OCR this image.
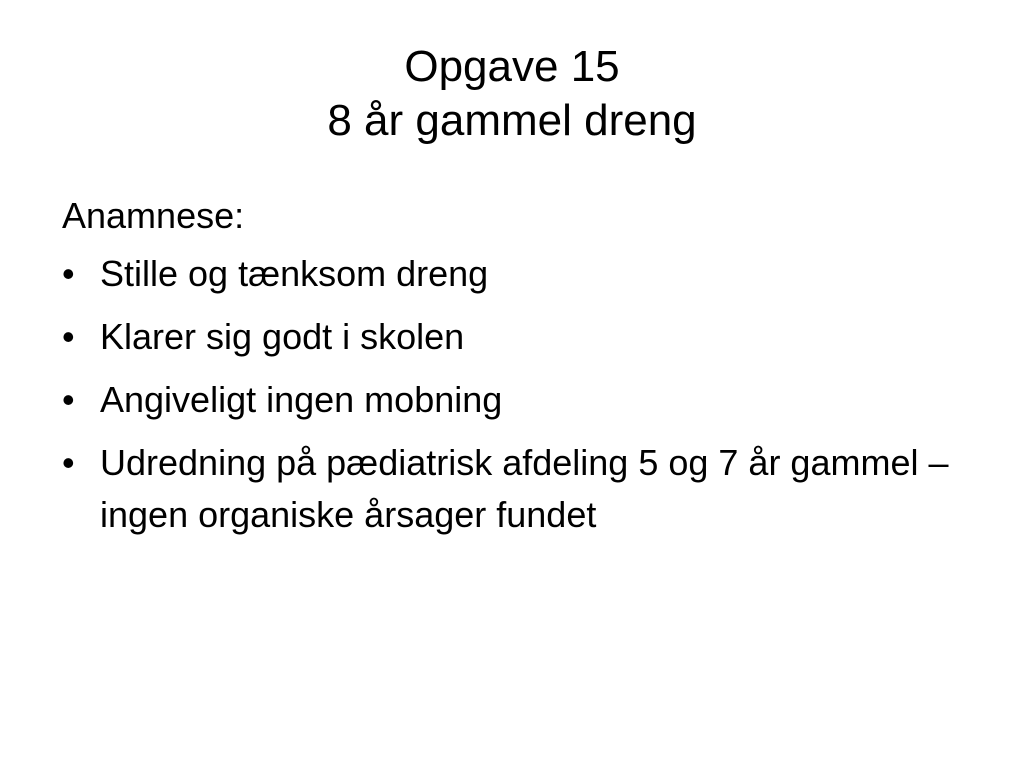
Opgave 15
8 år gammel dreng
Anamnese:
• Stille og tænksom dreng
• Klarer sig godt i skolen
• Angiveligt ingen mobning
• Udredning på pædiatrisk afdeling 5 og 7 år gammel – ingen organiske årsager fundet
